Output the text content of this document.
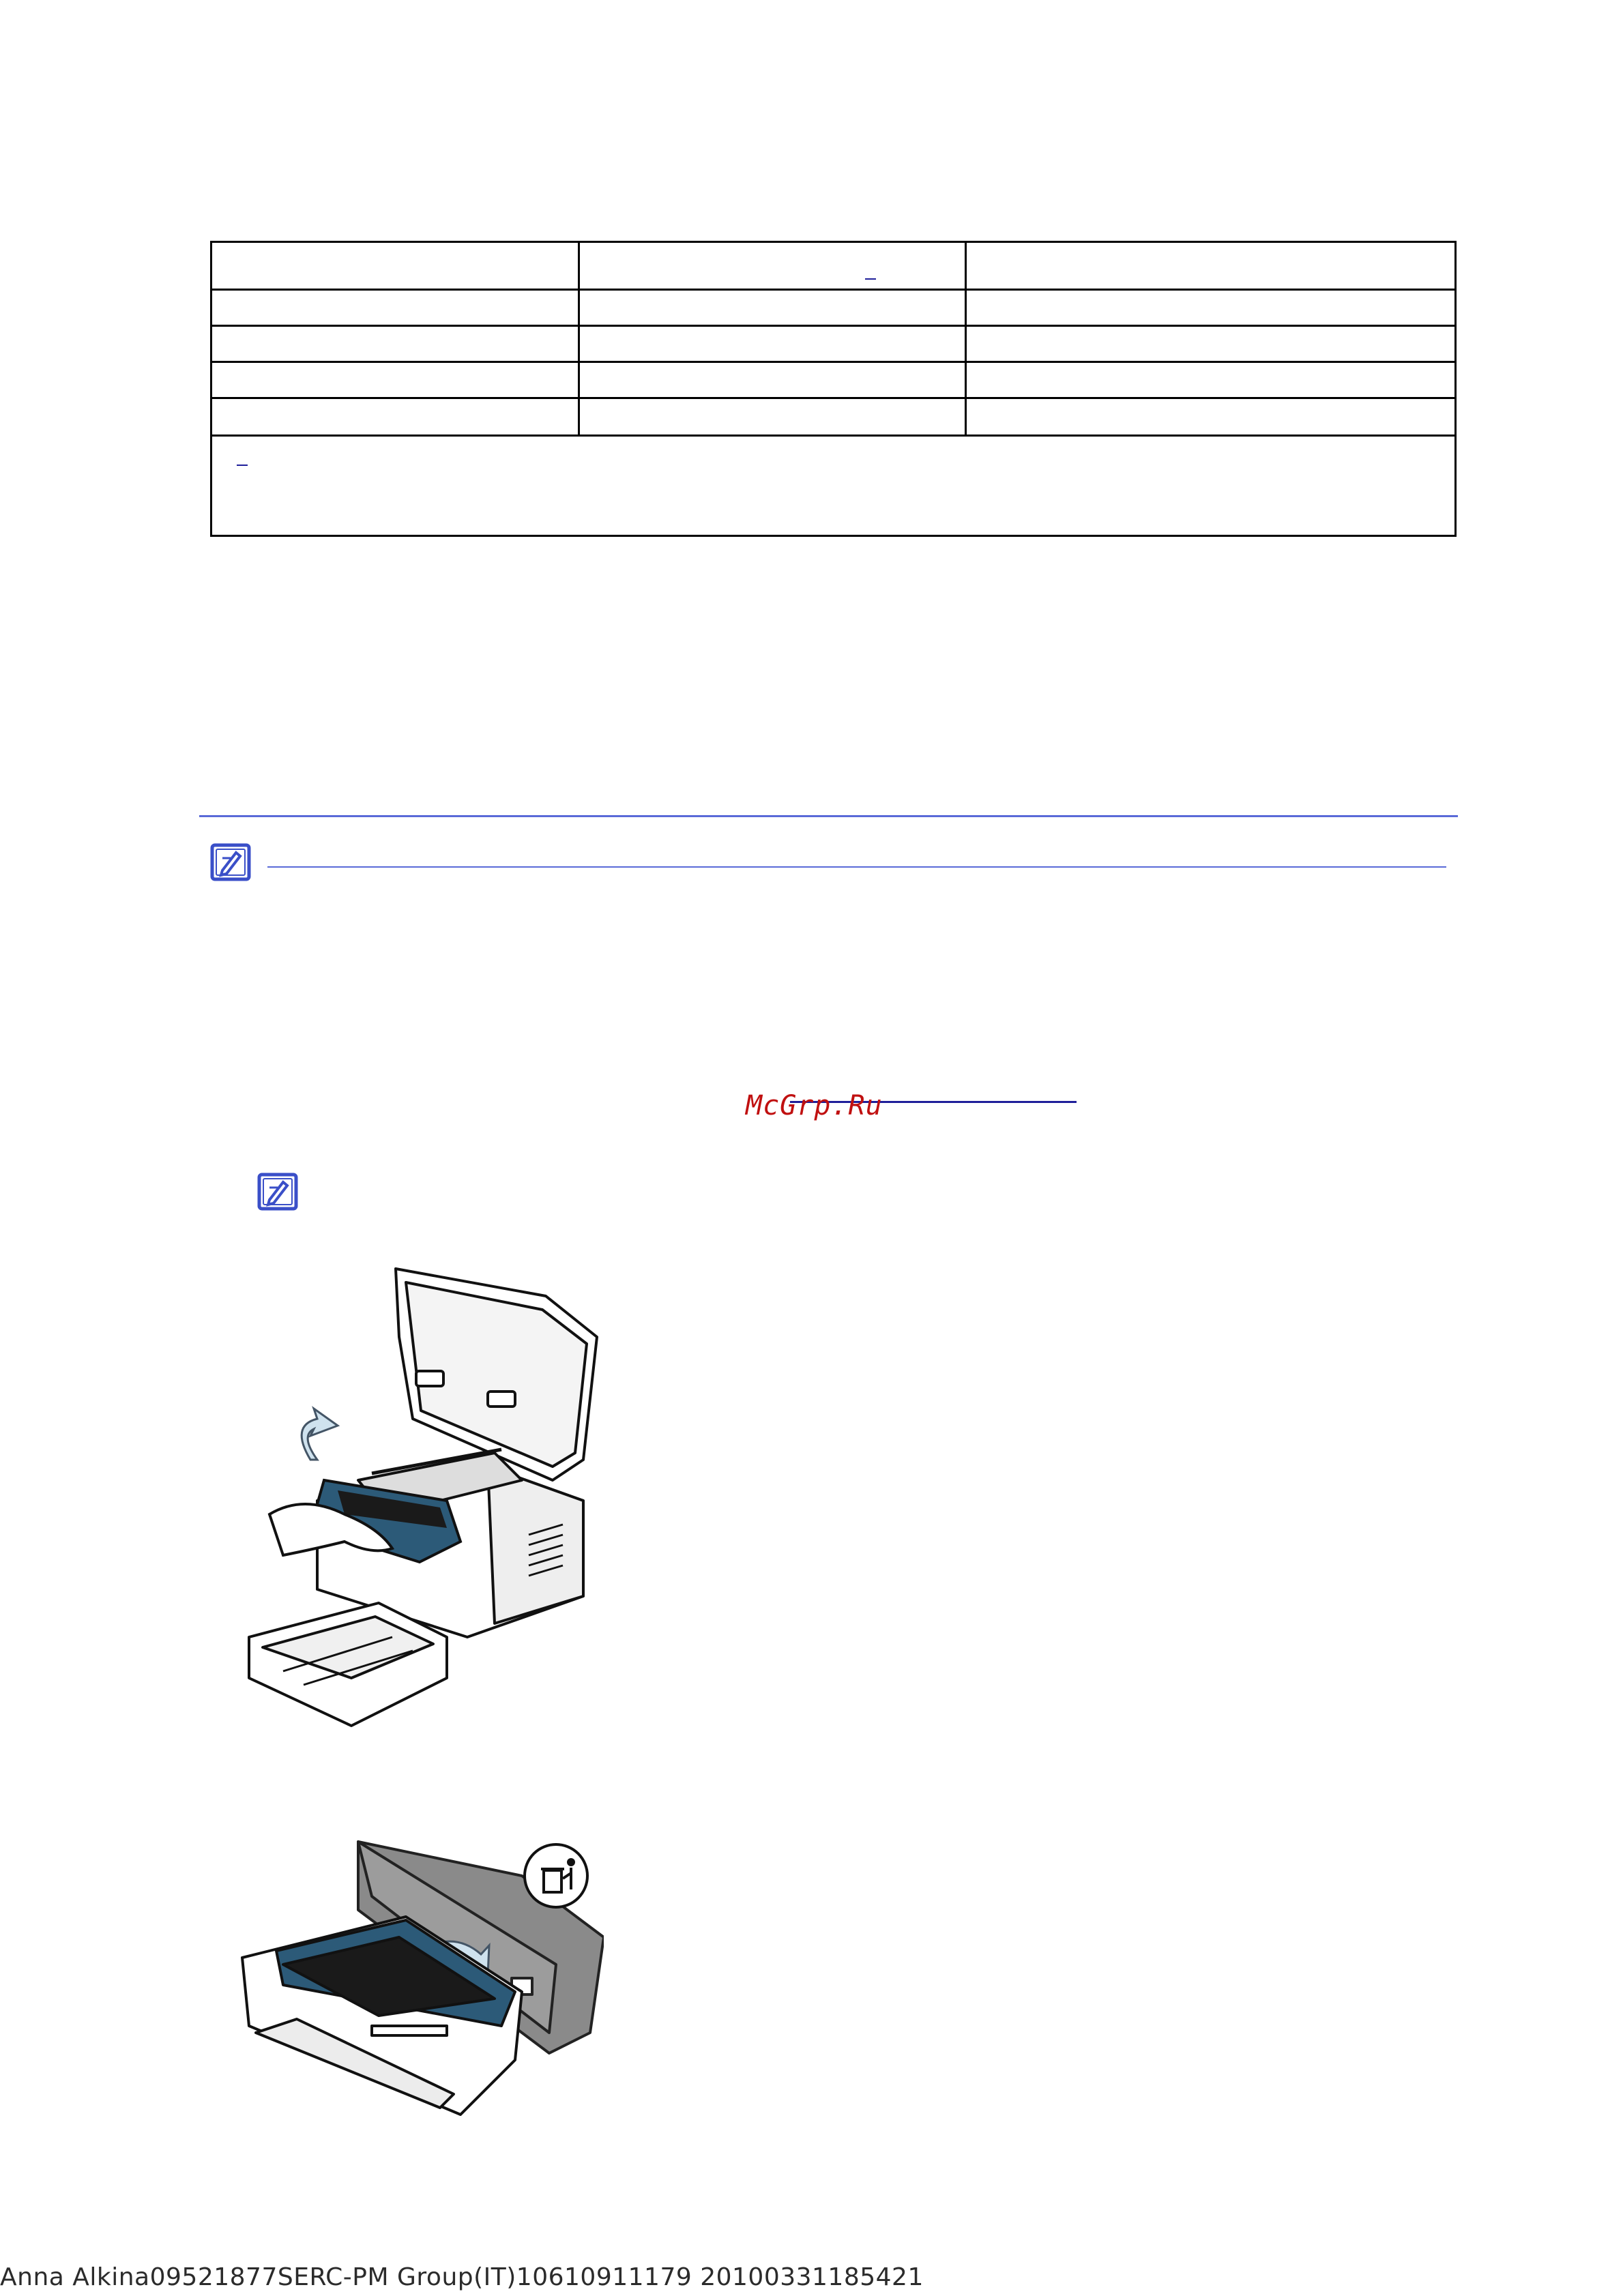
McGrp.Ru
Anna Alkina09521877SERC-PM Group(IT)10610911179 20100331185421
